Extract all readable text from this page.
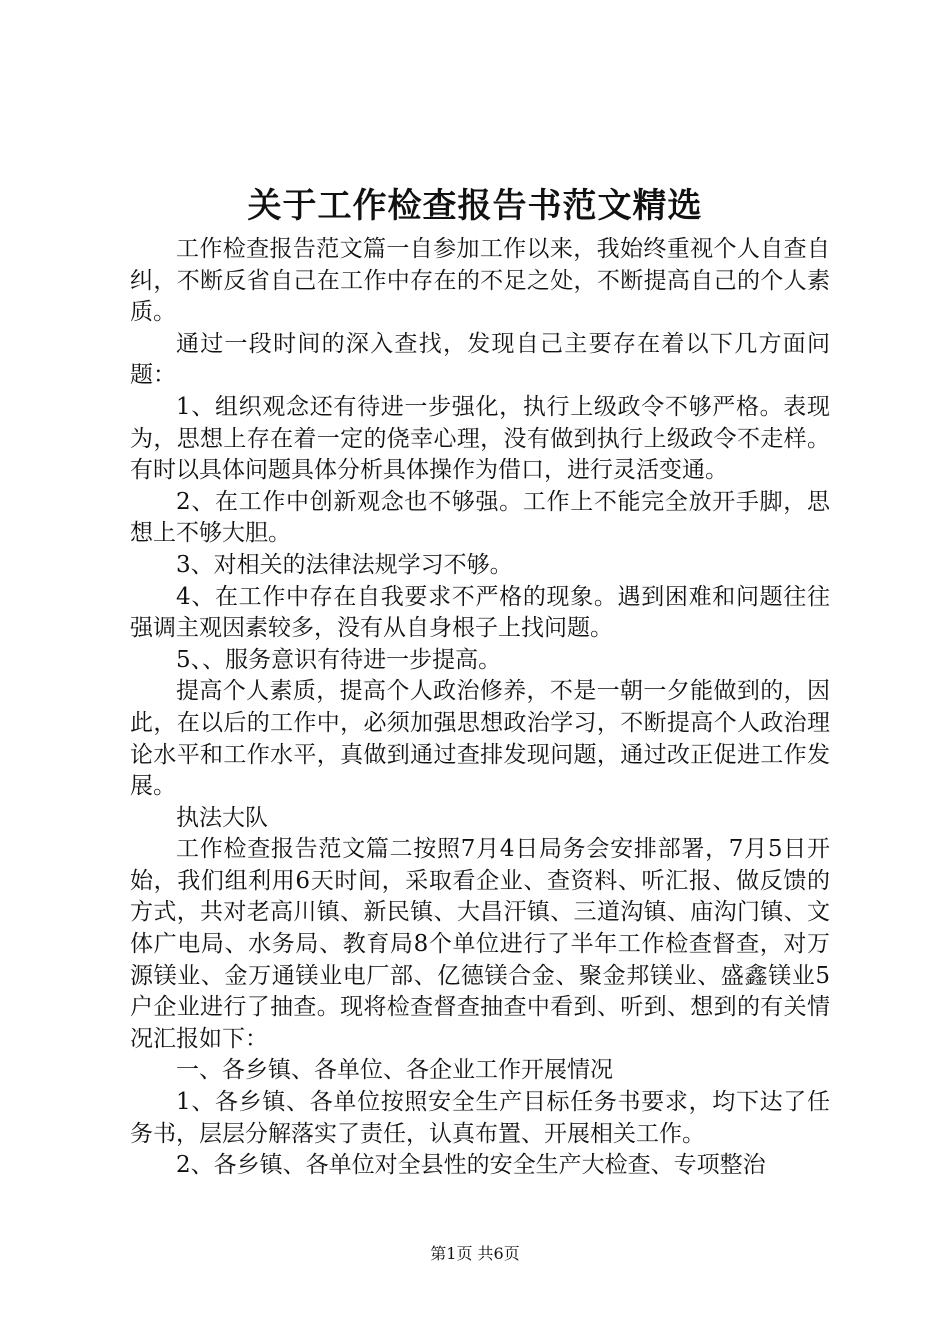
关于工作检查报告书范文精选

工作检查报告范文篇一自参加工作以来，我始终重视个人自查自纠，不断反省自己在工作中存在的不足之处，不断提高自己的个人素质。

通过一段时间的深入查找，发现自己主要存在着以下几方面问题：

1、组织观念还有待进一步强化，执行上级政令不够严格。表现为，思想上存在着一定的侥幸心理，没有做到执行上级政令不走样。有时以具体问题具体分析具体操作为借口，进行灵活变通。

2、在工作中创新观念也不够强。工作上不能完全放开手脚，思想上不够大胆。

3、对相关的法律法规学习不够。

4、在工作中存在自我要求不严格的现象。遇到困难和问题往往强调主观因素较多，没有从自身根子上找问题。

5、、服务意识有待进一步提高。

提高个人素质，提高个人政治修养，不是一朝一夕能做到的，因此，在以后的工作中，必须加强思想政治学习，不断提高个人政治理论水平和工作水平，真做到通过查排发现问题，通过改正促进工作发展。

执法大队

工作检查报告范文篇二按照7月4日局务会安排部署，7月5日开始，我们组利用6天时间，采取看企业、查资料、听汇报、做反馈的方式，共对老高川镇、新民镇、大昌汗镇、三道沟镇、庙沟门镇、文体广电局、水务局、教育局8个单位进行了半年工作检查督查，对万源镁业、金万通镁业电厂部、亿德镁合金、聚金邦镁业、盛鑫镁业5户企业进行了抽查。现将检查督查抽查中看到、听到、想到的有关情况汇报如下：

一、各乡镇、各单位、各企业工作开展情况

1、各乡镇、各单位按照安全生产目标任务书要求，均下达了任务书，层层分解落实了责任，认真布置、开展相关工作。

2、各乡镇、各单位对全县性的安全生产大检查、专项整治

第1页 共6页
